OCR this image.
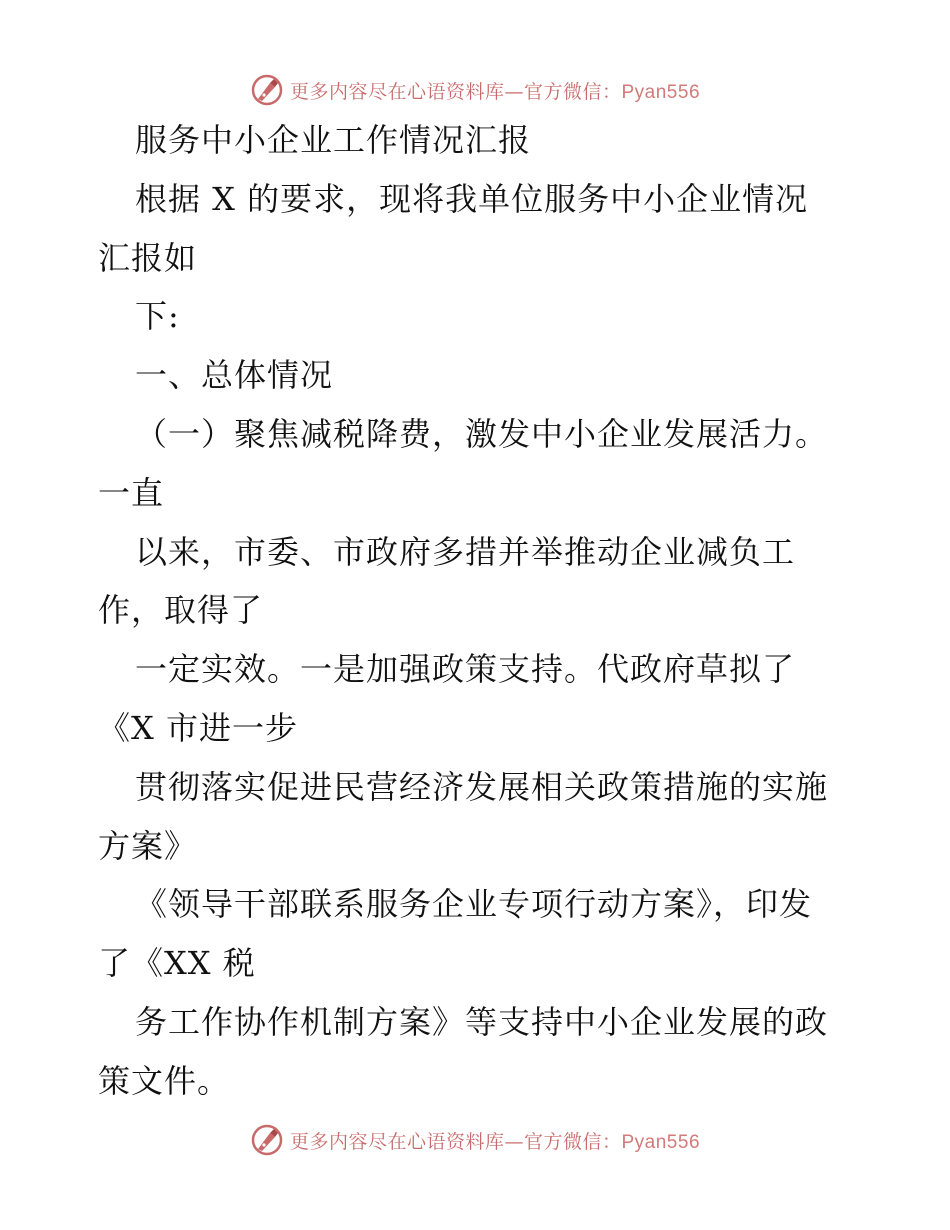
更多内容尽在心语资料库—官方微信：Pyan556
服务中小企业工作情况汇报
根据 X 的要求，现将我单位服务中小企业情况
汇报如
下:
一、总体情况
（一）聚焦减税降费，激发中小企业发展活力。
一直
以来，市委、市政府多措并举推动企业减负工
作，取得了
一定实效。一是加强政策支持。代政府草拟了
《X 市进一步
贯彻落实促进民营经济发展相关政策措施的实施
方案》
《领导干部联系服务企业专项行动方案》，印发
了《XX 税
务工作协作机制方案》等支持中小企业发展的政
策文件。
更多内容尽在心语资料库—官方微信：Pyan556
